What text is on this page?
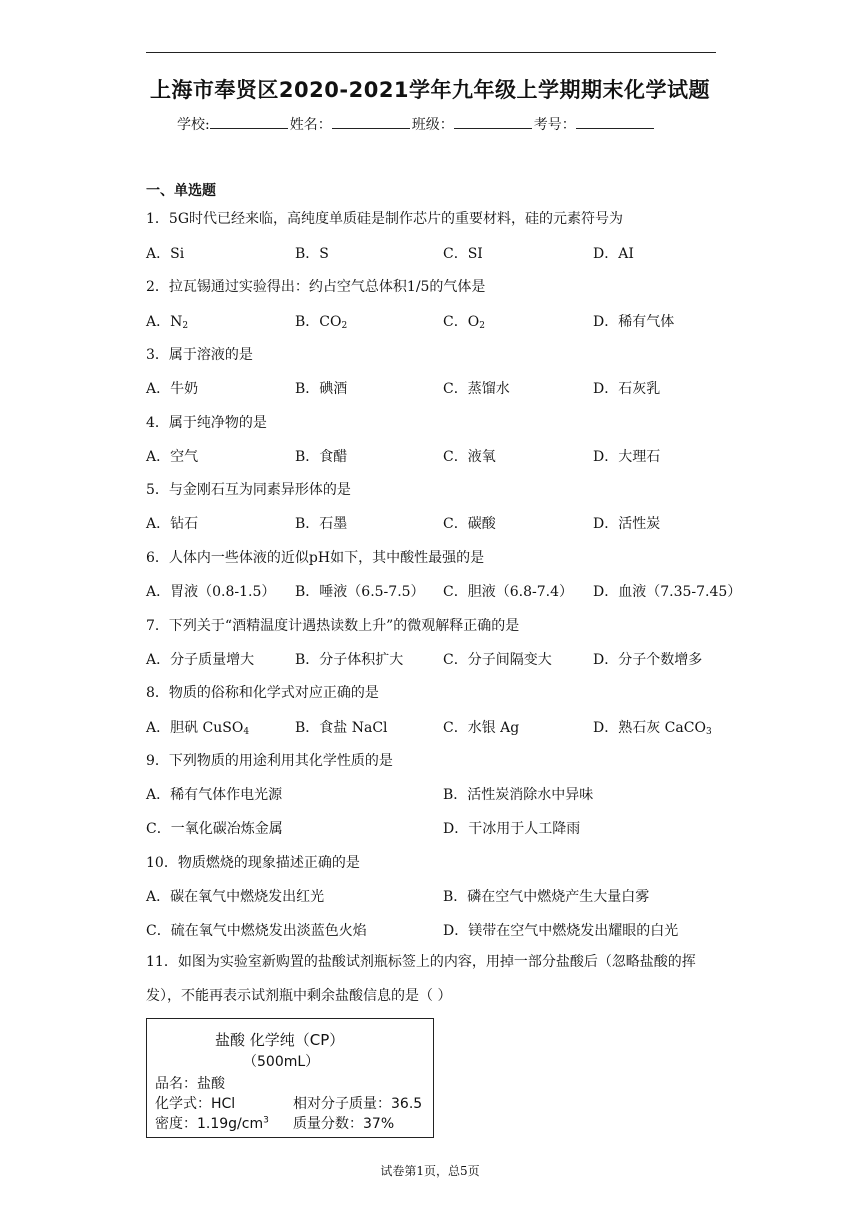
上海市奉贤区2020-2021学年九年级上学期期末化学试题
学校:	姓名：	班级：	考号：
一、单选题
1．5G时代已经来临，高纯度单质硅是制作芯片的重要材料，硅的元素符号为
A．Si	B．S	C．SI	D．AI
2．拉瓦锡通过实验得出：约占空气总体积1/5的气体是
A．$N_2$	B．$CO_2$	C．$O_2$	D．稀有气体
3．属于溶液的是
A．牛奶	B．碘酒	C．蒸馏水	D．石灰乳
4．属于纯净物的是
A．空气	B．食醋	C．液氧	D．大理石
5．与金刚石互为同素异形体的是
A．钻石	B．石墨	C．碳酸	D．活性炭
6．人体内一些体液的近似pH如下，其中酸性最强的是
A．胃液（0.8-1.5） B．唾液（6.5-7.5） C．胆液（6.8-7.4） D．血液（7.35-7.45）
7．下列关于“酒精温度计遇热读数上升”的微观解释正确的是
A．分子质量增大	B．分子体积扩大	C．分子间隔变大	D．分子个数增多
8．物质的俗称和化学式对应正确的是
A．胆矾 CuSO$_4$	B．食盐 NaCl	C．水银 Ag	D．熟石灰 CaCO$_3$
9．下列物质的用途利用其化学性质的是
A．稀有气体作电光源	B．活性炭消除水中异味
C．一氧化碳冶炼金属	D．干冰用于人工降雨
10．物质燃烧的现象描述正确的是
A．碳在氧气中燃烧发出红光	B．磷在空气中燃烧产生大量白雾
C．硫在氧气中燃烧发出淡蓝色火焰	D．镁带在空气中燃烧发出耀眼的白光
11．如图为实验室新购置的盐酸试剂瓶标签上的内容，用掉一部分盐酸后（忽略盐酸的挥发），不能再表示试剂瓶中剩余盐酸信息的是（ ）
盐酸 化学纯（CP）
（500mL）
品名：盐酸
化学式：HCl	相对分子质量：36.5
密度：$1.19g/cm^3$ 质量分数：37%
试卷第1页，总5页
